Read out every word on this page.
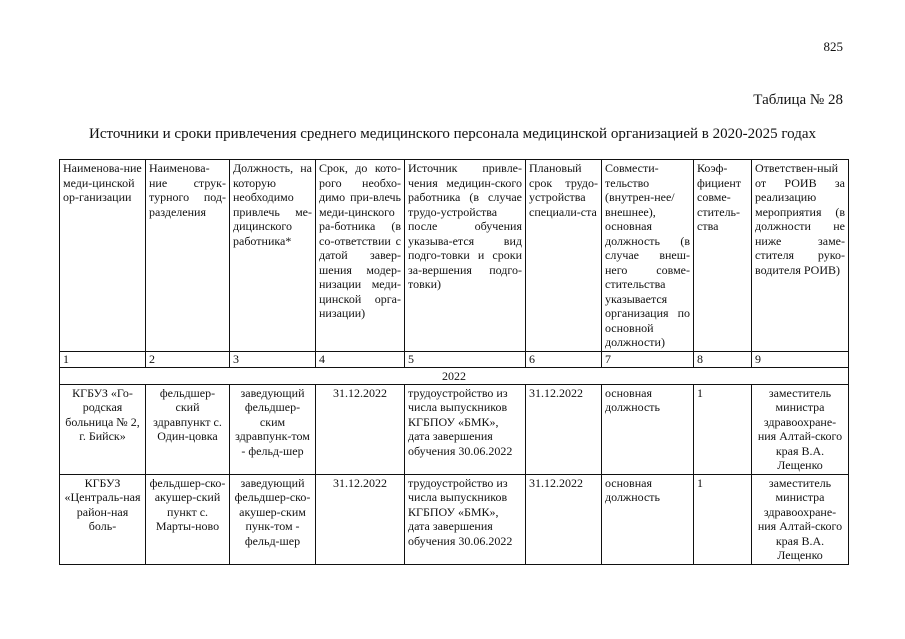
825
Таблица № 28
Источники и сроки привлечения среднего медицинского персонала медицинской организацией в 2020-2025 годах
Наименова-ние меди-цинской ор-ганизации	Наименова-ние струк-турного под-разделения	Должность, на которую необходимо привлечь ме-дицинского работника*	Срок, до кото-рого необхо-димо при-влечь меди-цинского ра-ботника (в со-ответствии с датой завер-шения модер-низации меди-цинской орга-низации)	Источник привле-чения медицин-ского работника (в случае трудо-устройства после обучения указыва-ется вид подго-товки и сроки за-вершения подго-товки)	Плановый срок трудо-устройства специали-ста	Совмести-тельство (внутрен-нее/внешнее), основная должность (в случае внеш-него совме-стительства указывается организация по основной должности)	Коэф-фициент совме-ститель-ства	Ответствен-ный от РОИВ за реализацию мероприятия (в должности не ниже заме-стителя руко-водителя РОИВ)
1	2	3	4	5	6	7	8	9
2022								
КГБУЗ «Го-родская больница № 2, г. Бийск»	фельдшер-ский здравпункт с. Один-цовка	заведующий фельдшер-ским здравпунк-том - фельд-шер	31.12.2022	трудоустройство из числа выпускников КГБПОУ «БМК», дата завершения обучения 30.06.2022	31.12.2022	основная должность	1	заместитель министра здравоохране-ния Алтай-ского края В.А. Лещенко
КГБУЗ «Централь-ная район-ная боль-	фельдшер-ско-акушер-ский пункт с. Марты-ново	заведующий фельдшер-ско-акушер-ским пунк-том - фельд-шер	31.12.2022	трудоустройство из числа выпускников КГБПОУ «БМК», дата завершения обучения 30.06.2022	31.12.2022	основная должность	1	заместитель министра здравоохране-ния Алтай-ского края В.А. Лещенко
